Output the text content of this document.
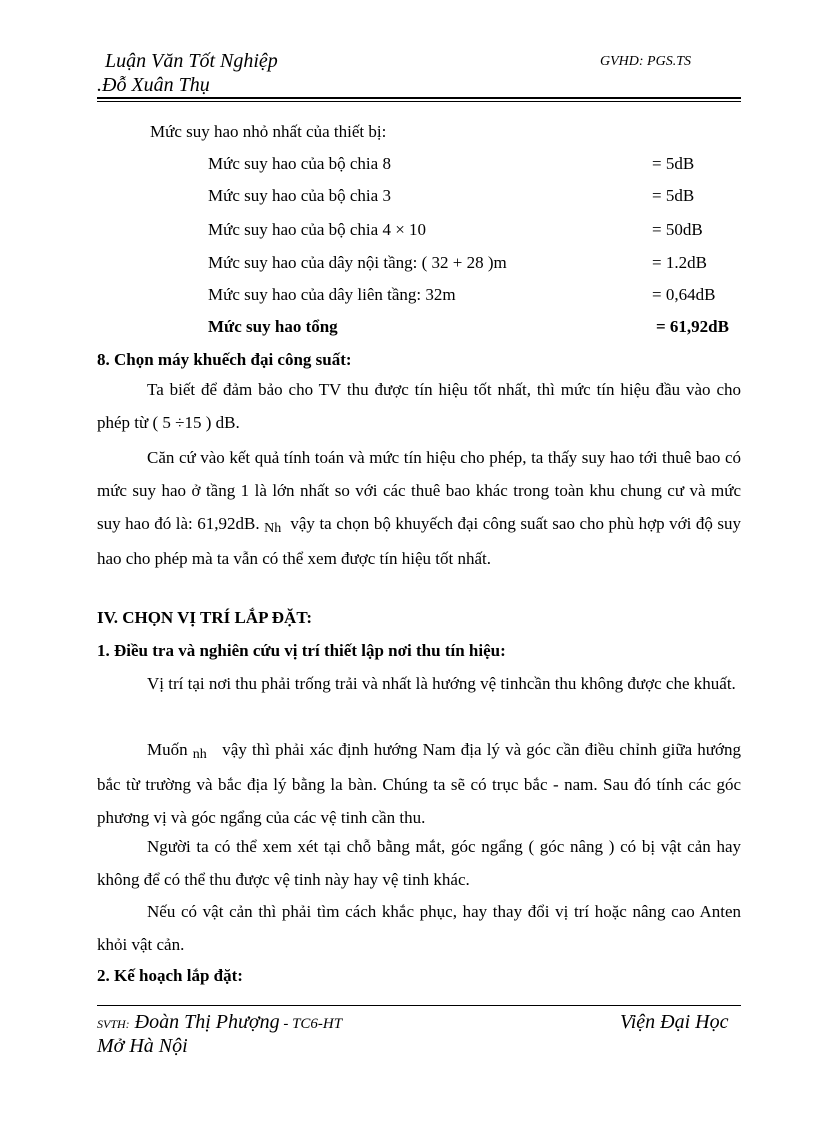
Luận Văn Tốt Nghiệp
.Đỗ Xuân Thụ
GVHD: PGS.TS
Mức suy hao nhỏ nhất của thiết bị:
Mức suy hao của bộ chia 8	= 5dB
Mức suy hao của bộ chia 3	= 5dB
Mức suy hao của bộ chia 4 × 10	= 50dB
Mức suy hao của dây nội tầng: ( 32 + 28 )m	= 1.2dB
Mức suy hao của dây liên tầng: 32m	= 0,64dB
Mức suy hao tổng	= 61,92dB
8. Chọn máy khuếch đại công suất:

Ta biết để đảm bảo cho TV thu được tín hiệu tốt nhất, thì mức tín hiệu đầu vào cho phép từ ( 5 ÷15 ) dB.

Căn cứ vào kết quả tính toán và mức tín hiệu cho phép, ta thấy suy hao tới thuê bao có mức suy hao ở tầng 1 là lớn nhất so với các thuê bao khác trong toàn khu chung cư và mức suy hao đó là: 61,92dB. Nh vậy ta chọn bộ khuyếch đại công suất sao cho phù hợp với độ suy hao cho phép mà ta vẫn có thể xem được tín hiệu tốt nhất.

IV. CHỌN VỊ TRÍ LẮP ĐẶT:
1. Điều tra và nghiên cứu vị trí thiết lập nơi thu tín hiệu:

Vị trí tại nơi thu phải trống trải và nhất là hướng vệ tinhcần thu không được che khuất.

Muốn nh vậy thì phải xác định hướng Nam địa lý và góc cần điều chỉnh giữa hướng bắc từ trường và bắc địa lý bằng la bàn. Chúng ta sẽ có trục bắc - nam. Sau đó tính các góc phương vị và góc ngẩng của các vệ tinh cần thu.

Người ta có thể xem xét tại chỗ bằng mắt, góc ngẩng ( góc nâng ) có bị vật cản hay không để có thể thu được vệ tinh này hay vệ tinh khác.

Nếu có vật cản thì phải tìm cách khắc phục, hay thay đổi vị trí hoặc nâng cao Anten khỏi vật cản.

2. Kế hoạch lắp đặt:
SVTH: Đoàn Thị Phượng - TC6-HT	Viện Đại Học
Mở Hà Nội
